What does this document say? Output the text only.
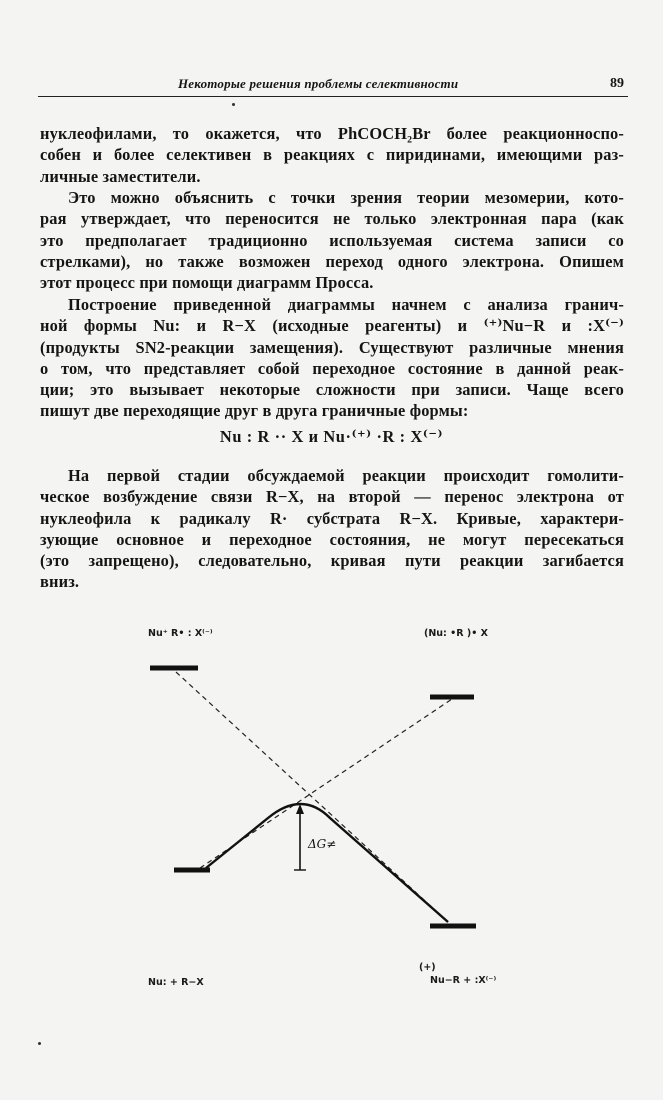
Некоторые решения проблемы селективности	89
нуклеофилами, то окажется, что PhCOCH₂Br более реакционноспо-
собен и более селективен в реакциях с пиридинами, имеющими раз-
личные заместители.
Это можно объяснить с точки зрения теории мезомерии, кото-
рая утверждает, что переносится не только электронная пара (как
это предполагает традиционно используемая система записи со
стрелками), но также возможен переход одного электрона. Опишем
этот процесс при помощи диаграмм Просса.
Построение приведенной диаграммы начнем с анализа гранич-
ной формы Nu: и R−X (исходные реагенты) и ⁽⁺⁾Nu−R и :X⁽⁻⁾
(продукты SN2-реакции замещения). Существуют различные мнения
о том, что представляет собой переходное состояние в данной реак-
ции; это вызывает некоторые сложности при записи. Чаще всего
пишут две переходящие друг в друга граничные формы:
Nu : R ·· X и Nu·⁽⁺⁾ ·R : X⁽⁻⁾
На первой стадии обсуждаемой реакции происходит гомолити-
ческое возбуждение связи R−X, на второй — перенос электрона от
нуклеофила к радикалу R· субстрата R−X. Кривые, характери-
зующие основное и переходное состояния, не могут пересекаться
(это запрещено), следовательно, кривая пути реакции загибается
вниз.
Nu⁺ R• : X⁽⁻⁾	(Nu: •R )• X
ΔG≠
Nu: + R−X
(+)
Nu−R + :X⁽⁻⁾
